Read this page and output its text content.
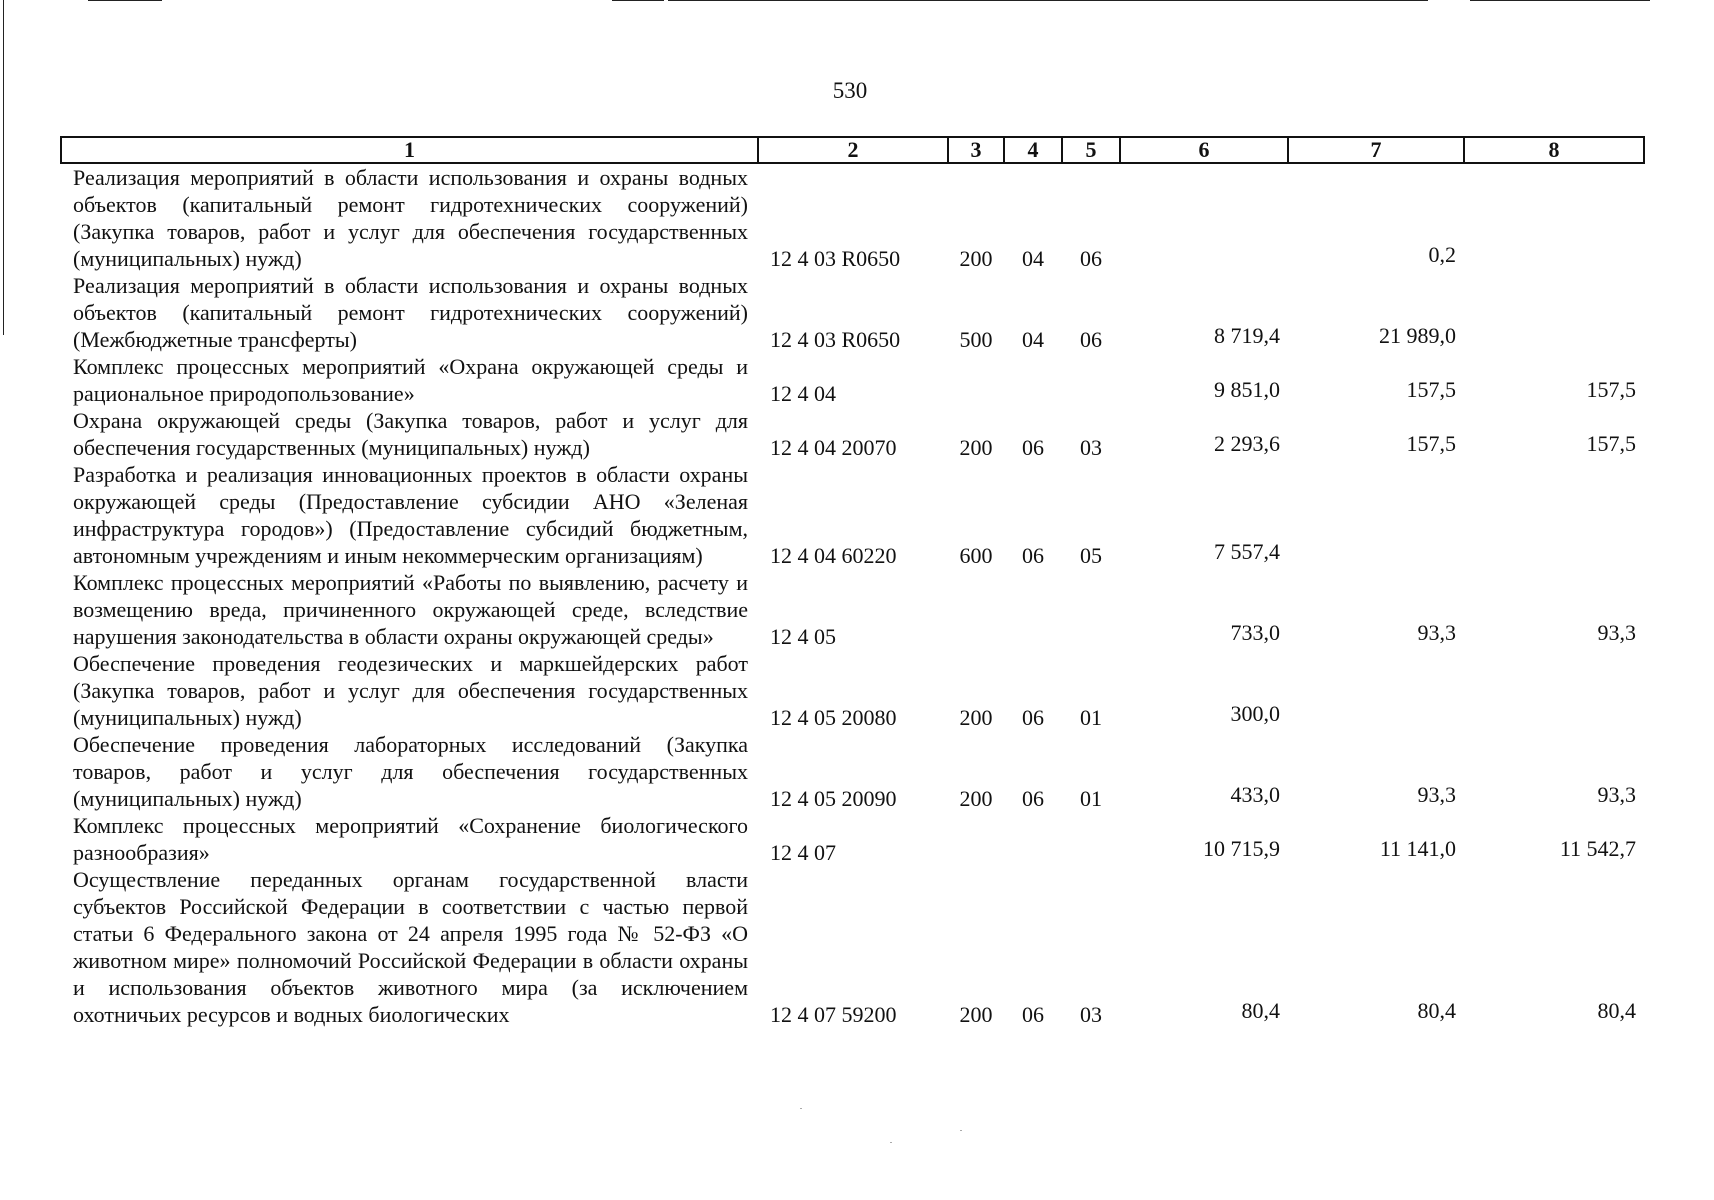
530
1	2	3	4	5	6	7	8
Реализация мероприятий в области использования и охраны водных объектов (капитальный ремонт гидротехнических сооружений) (Закупка товаров, работ и услуг для обеспечения государственных (муниципальных) нужд)	12 4 03 R0650	200	04	06		0,2	
Реализация мероприятий в области использования и охраны водных объектов (капитальный ремонт гидротехнических сооружений) (Межбюджетные трансферты)	12 4 03 R0650	500	04	06	8 719,4	21 989,0	
Комплекс процессных мероприятий «Охрана окружающей среды и рациональное природопользование»	12 4 04				9 851,0	157,5	157,5
Охрана окружающей среды (Закупка товаров, работ и услуг для обеспечения государственных (муниципальных) нужд)	12 4 04 20070	200	06	03	2 293,6	157,5	157,5
Разработка и реализация инновационных проектов в области охраны окружающей среды (Предоставление субсидии АНО «Зеленая инфраструктура городов») (Предоставление субсидий бюджетным, автономным учреждениям и иным некоммерческим организациям)	12 4 04 60220	600	06	05	7 557,4		
Комплекс процессных мероприятий «Работы по выявлению, расчету и возмещению вреда, причиненного окружающей среде, вследствие нарушения законодательства в области охраны окружающей среды»	12 4 05				733,0	93,3	93,3
Обеспечение проведения геодезических и маркшейдерских работ (Закупка товаров, работ и услуг для обеспечения государственных (муниципальных) нужд)	12 4 05 20080	200	06	01	300,0		
Обеспечение проведения лабораторных исследований (Закупка товаров, работ и услуг для обеспечения государственных (муниципальных) нужд)	12 4 05 20090	200	06	01	433,0	93,3	93,3
Комплекс процессных мероприятий «Сохранение биологического разнообразия»	12 4 07				10 715,9	11 141,0	11 542,7
Осуществление переданных органам государственной власти субъектов Российской Федерации в соответствии с частью первой статьи 6 Федерального закона от 24 апреля 1995 года № 52-ФЗ «О животном мире» полномочий Российской Федерации в области охраны и использования объектов животного мира (за исключением охотничьих ресурсов и водных биологических	12 4 07 59200	200	06	03	80,4	80,4	80,4
